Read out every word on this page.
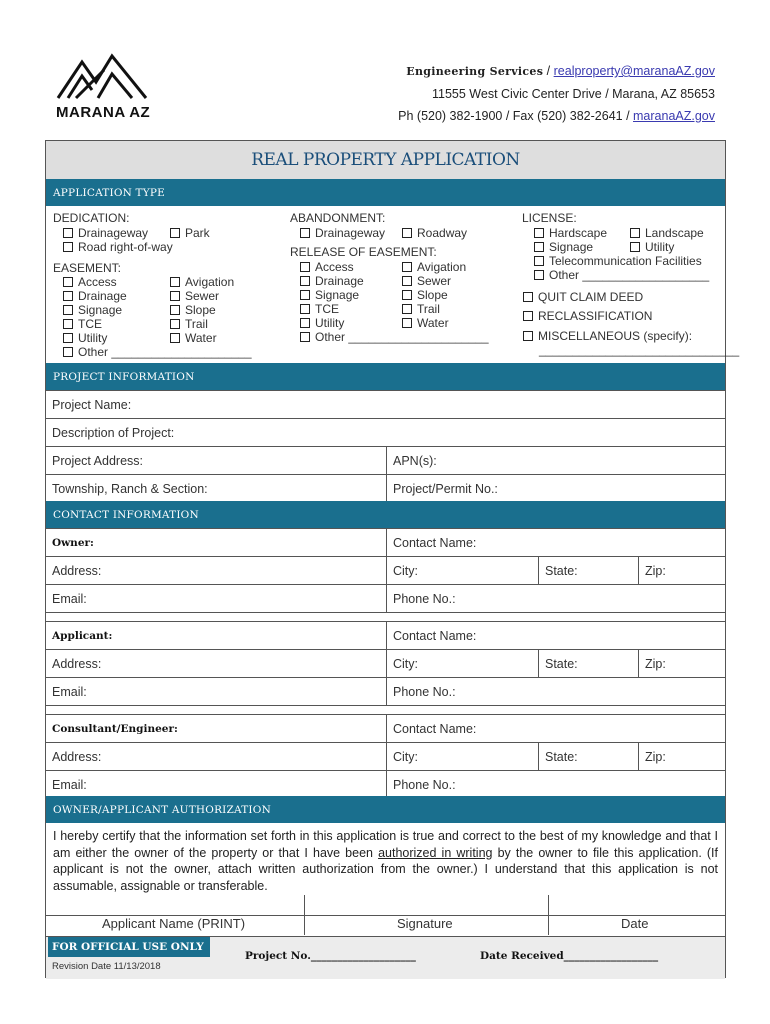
MARANA AZ
Engineering Services / realproperty@maranaAZ.gov
11555 West Civic Center Drive / Marana, AZ 85653
Ph (520) 382-1900 / Fax (520) 382-2641 / maranaAZ.gov
REAL PROPERTY APPLICATION
APPLICATION TYPE
DEDICATION:
Drainageway	Park
Road right-of-way
EASEMENT:
Access	Avigation
Drainage	Sewer
Signage	Slope
TCE	Trail
Utility	Water
Other _____________________
ABANDONMENT:
Drainageway	Roadway
RELEASE OF EASEMENT:
Access	Avigation
Drainage	Sewer
Signage	Slope
TCE	Trail
Utility	Water
Other _____________________
LICENSE:
Hardscape	Landscape
Signage	Utility
Telecommunication Facilities
Other ___________________
QUIT CLAIM DEED
RECLASSIFICATION
MISCELLANEOUS (specify):
______________________________
PROJECT INFORMATION
Project Name:
Description of Project:
Project Address:	APN(s):
Township, Ranch & Section:	Project/Permit No.:
CONTACT INFORMATION
Owner:	Contact Name:
Address:	City:	State:	Zip:
Email:	Phone No.:
Applicant:	Contact Name:
Address:	City:	State:	Zip:
Email:	Phone No.:
Consultant/Engineer:	Contact Name:
Address:	City:	State:	Zip:
Email:	Phone No.:
OWNER/APPLICANT AUTHORIZATION
I hereby certify that the information set forth in this application is true and correct to the best of my knowledge and that I am either the owner of the property or that I have been authorized in writing by the owner to file this application. (If applicant is not the owner, attach written authorization from the owner.) I understand that this application is not assumable, assignable or transferable.
Applicant Name (PRINT)	Signature	Date
FOR OFFICIAL USE ONLY
Revision Date 11/13/2018
Project No.____________________	Date Received__________________
